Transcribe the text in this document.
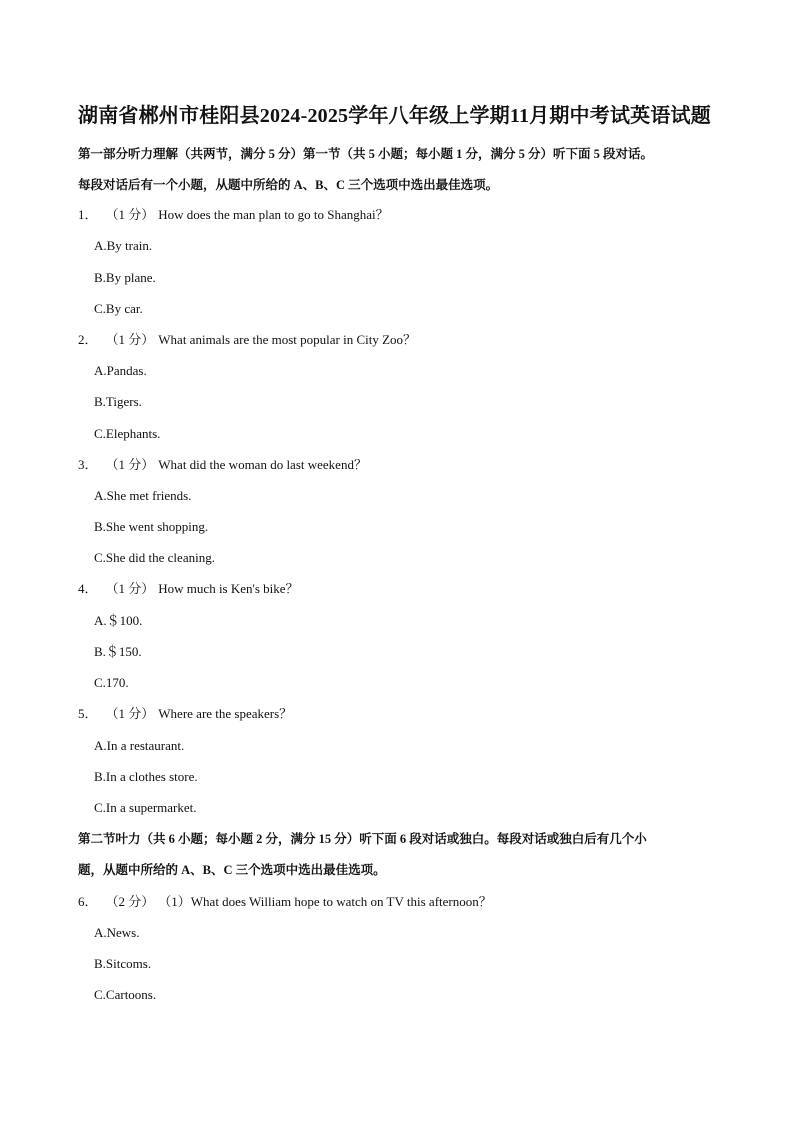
湖南省郴州市桂阳县2024-2025学年八年级上学期11月期中考试英语试题
第一部分听力理解（共两节，满分 5 分）第一节（共 5 小题；每小题 1 分，满分 5 分）听下面 5 段对话。
每段对话后有一个小题，从题中所给的 A、B、C 三个选项中选出最佳选项。
1． （1 分） How does the man plan to go to Shanghai？
A.By train.
B.By plane.
C.By car.
2． （1 分） What animals are the most popular in City Zoo？
A.Pandas.
B.Tigers.
C.Elephants.
3． （1 分） What did the woman do last weekend？
A.She met friends.
B.She went shopping.
C.She did the cleaning.
4． （1 分） How much is Ken's bike？
A.＄100.
B.＄150.
C.170.
5． （1 分） Where are the speakers？
A.In a restaurant.
B.In a clothes store.
C.In a supermarket.
第二节叶力（共 6 小题；每小题 2 分，满分 15 分）听下面 6 段对话或独白。每段对话或独白后有几个小
题，从题中所给的 A、B、C 三个选项中选出最佳选项。
6． （2 分） （1）What does William hope to watch on TV this afternoon？
A.News.
B.Sitcoms.
C.Cartoons.
